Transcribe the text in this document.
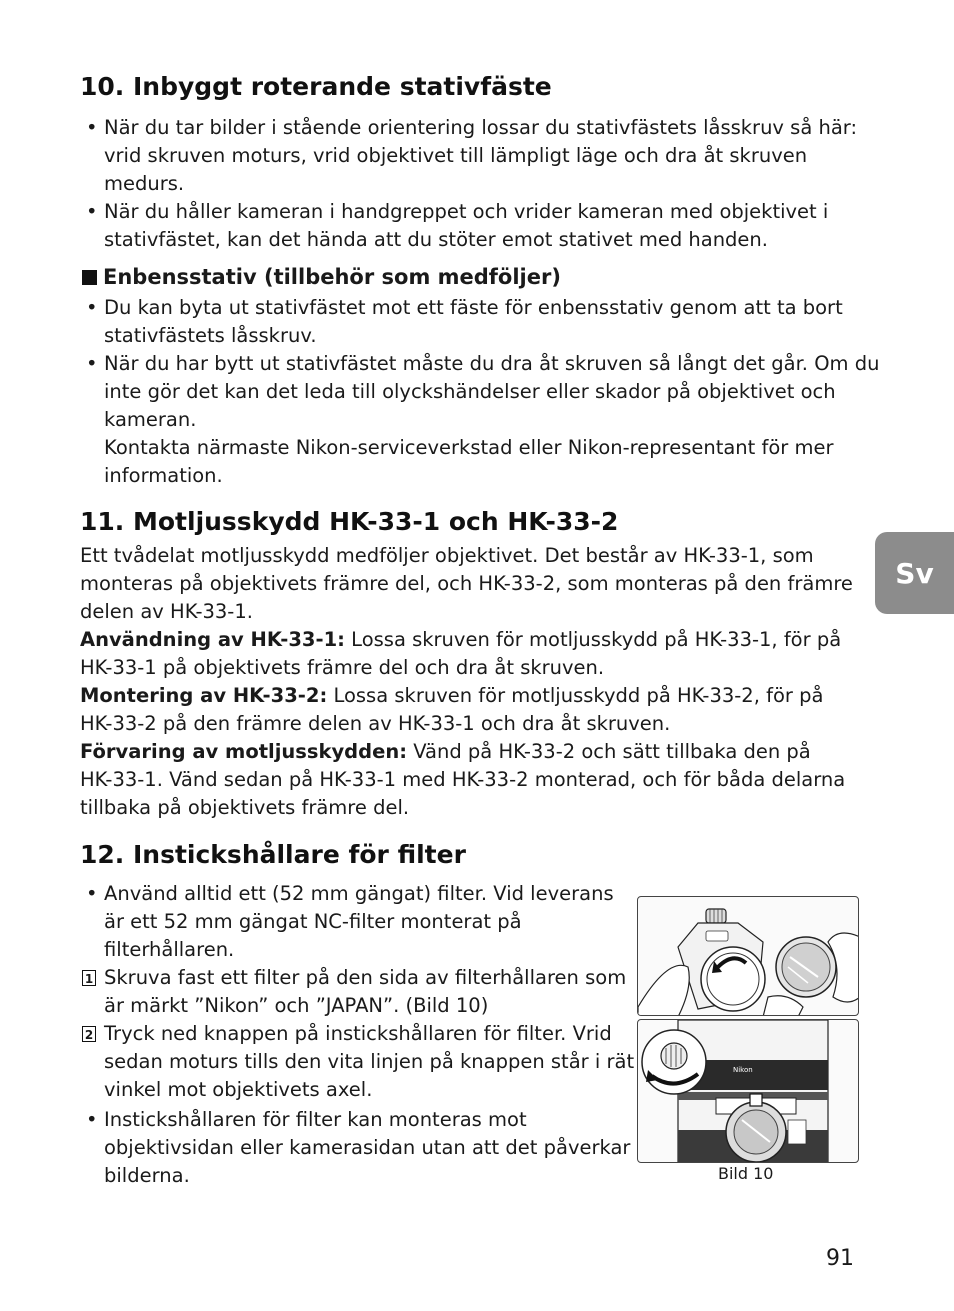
Sv
10. Inbyggt roterande stativfäste
• När du tar bilder i stående orientering lossar du stativfästets låsskruv så här:
vrid skruven moturs, vrid objektivet till lämpligt läge och dra åt skruven
medurs.
• När du håller kameran i handgreppet och vrider kameran med objektivet i
stativfästet, kan det hända att du stöter emot stativet med handen.
Enbensstativ (tillbehör som medföljer)
• Du kan byta ut stativfästet mot ett fäste för enbensstativ genom att ta bort
stativfästets låsskruv.
• När du har bytt ut stativfästet måste du dra åt skruven så långt det går. Om du
inte gör det kan det leda till olyckshändelser eller skador på objektivet och
kameran.
Kontakta närmaste Nikon-serviceverkstad eller Nikon-representant för mer
information.
11. Motljusskydd HK-33-1 och HK-33-2
Ett tvådelat motljusskydd medföljer objektivet. Det består av HK-33-1, som
monteras på objektivets främre del, och HK-33-2, som monteras på den främre
delen av HK-33-1.
Användning av HK-33-1: Lossa skruven för motljusskydd på HK-33-1, för på
HK-33-1 på objektivets främre del och dra åt skruven.
Montering av HK-33-2: Lossa skruven för motljusskydd på HK-33-2, för på
HK-33-2 på den främre delen av HK-33-1 och dra åt skruven.
Förvaring av motljusskydden: Vänd på HK-33-2 och sätt tillbaka den på
HK-33-1. Vänd sedan på HK-33-1 med HK-33-2 monterad, och för båda delarna
tillbaka på objektivets främre del.
12. Instickshållare för filter
• Använd alltid ett (52 mm gängat) filter. Vid leverans
är ett 52 mm gängat NC-filter monterat på
filterhållaren.
1 Skruva fast ett filter på den sida av filterhållaren som
är märkt ”Nikon” och ”JAPAN”. (Bild 10)
2 Tryck ned knappen på instickshållaren för filter. Vrid
sedan moturs tills den vita linjen på knappen står i rät
vinkel mot objektivets axel.
• Instickshållaren för filter kan monteras mot
objektivsidan eller kamerasidan utan att det påverkar
bilderna.
Nikon
Bild 10
91
